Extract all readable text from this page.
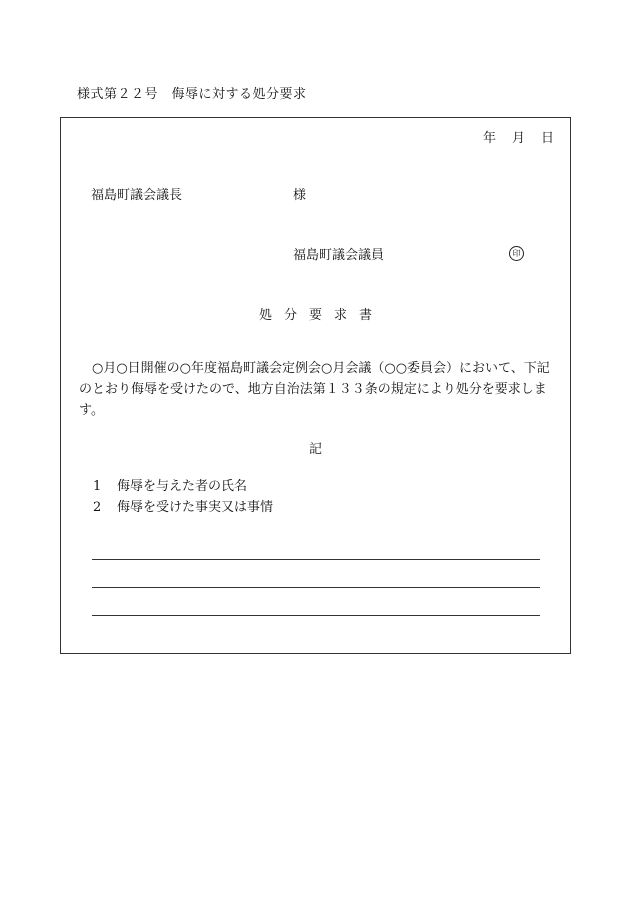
様式第２２号　侮辱に対する処分要求
年 月 日
福島町議会議長	様
福島町議会議員	印
処分要求書
○月○日開催の○年度福島町議会定例会○月会議（○○委員会）において、下記のとおり侮辱を受けたので、地方自治法第１３３条の規定により処分を要求します。
記
1 侮辱を与えた者の氏名
2 侮辱を受けた事実又は事情
